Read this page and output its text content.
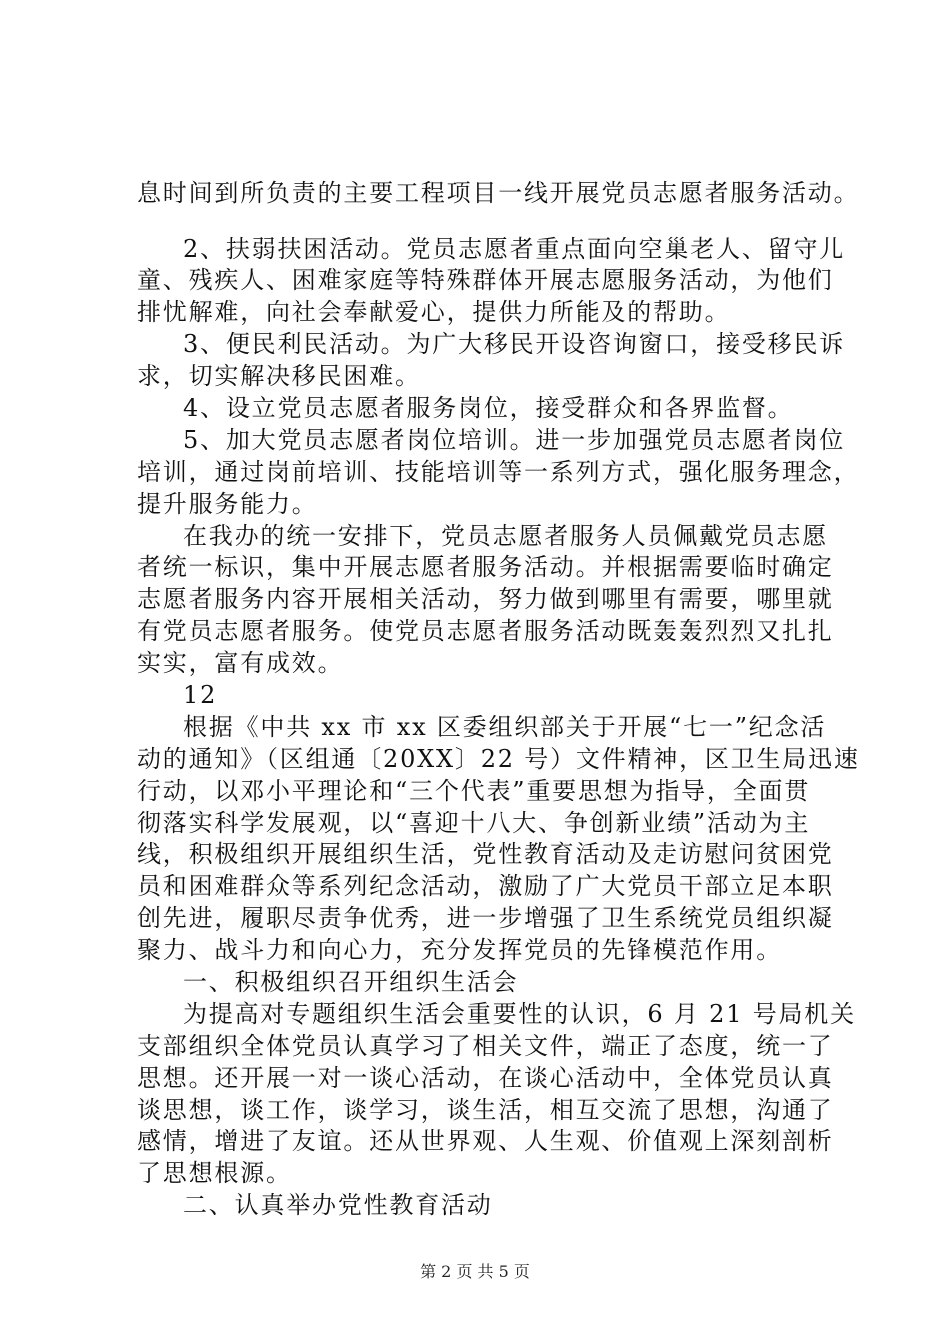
息时间到所负责的主要工程项目一线开展党员志愿者服务活动。
2、扶弱扶困活动。党员志愿者重点面向空巢老人、留守儿
童、残疾人、困难家庭等特殊群体开展志愿服务活动，为他们
排忧解难，向社会奉献爱心，提供力所能及的帮助。
3、便民利民活动。为广大移民开设咨询窗口，接受移民诉
求，切实解决移民困难。
4、设立党员志愿者服务岗位，接受群众和各界监督。
5、加大党员志愿者岗位培训。进一步加强党员志愿者岗位
培训，通过岗前培训、技能培训等一系列方式，强化服务理念，
提升服务能力。
在我办的统一安排下，党员志愿者服务人员佩戴党员志愿
者统一标识，集中开展志愿者服务活动。并根据需要临时确定
志愿者服务内容开展相关活动，努力做到哪里有需要，哪里就
有党员志愿者服务。使党员志愿者服务活动既轰轰烈烈又扎扎
实实，富有成效。
12
根据《中共 xx 市 xx 区委组织部关于开展“七一”纪念活
动的通知》（区组通〔20XX〕22 号）文件精神，区卫生局迅速
行动，以邓小平理论和“三个代表”重要思想为指导，全面贯
彻落实科学发展观，以“喜迎十八大、争创新业绩”活动为主
线，积极组织开展组织生活，党性教育活动及走访慰问贫困党
员和困难群众等系列纪念活动，激励了广大党员干部立足本职
创先进，履职尽责争优秀，进一步增强了卫生系统党员组织凝
聚力、战斗力和向心力，充分发挥党员的先锋模范作用。
一、积极组织召开组织生活会
为提高对专题组织生活会重要性的认识，6 月 21 号局机关
支部组织全体党员认真学习了相关文件，端正了态度，统一了
思想。还开展一对一谈心活动，在谈心活动中，全体党员认真
谈思想，谈工作，谈学习，谈生活，相互交流了思想，沟通了
感情，增进了友谊。还从世界观、人生观、价值观上深刻剖析
了思想根源。
二、认真举办党性教育活动
第 2 页 共 5 页
